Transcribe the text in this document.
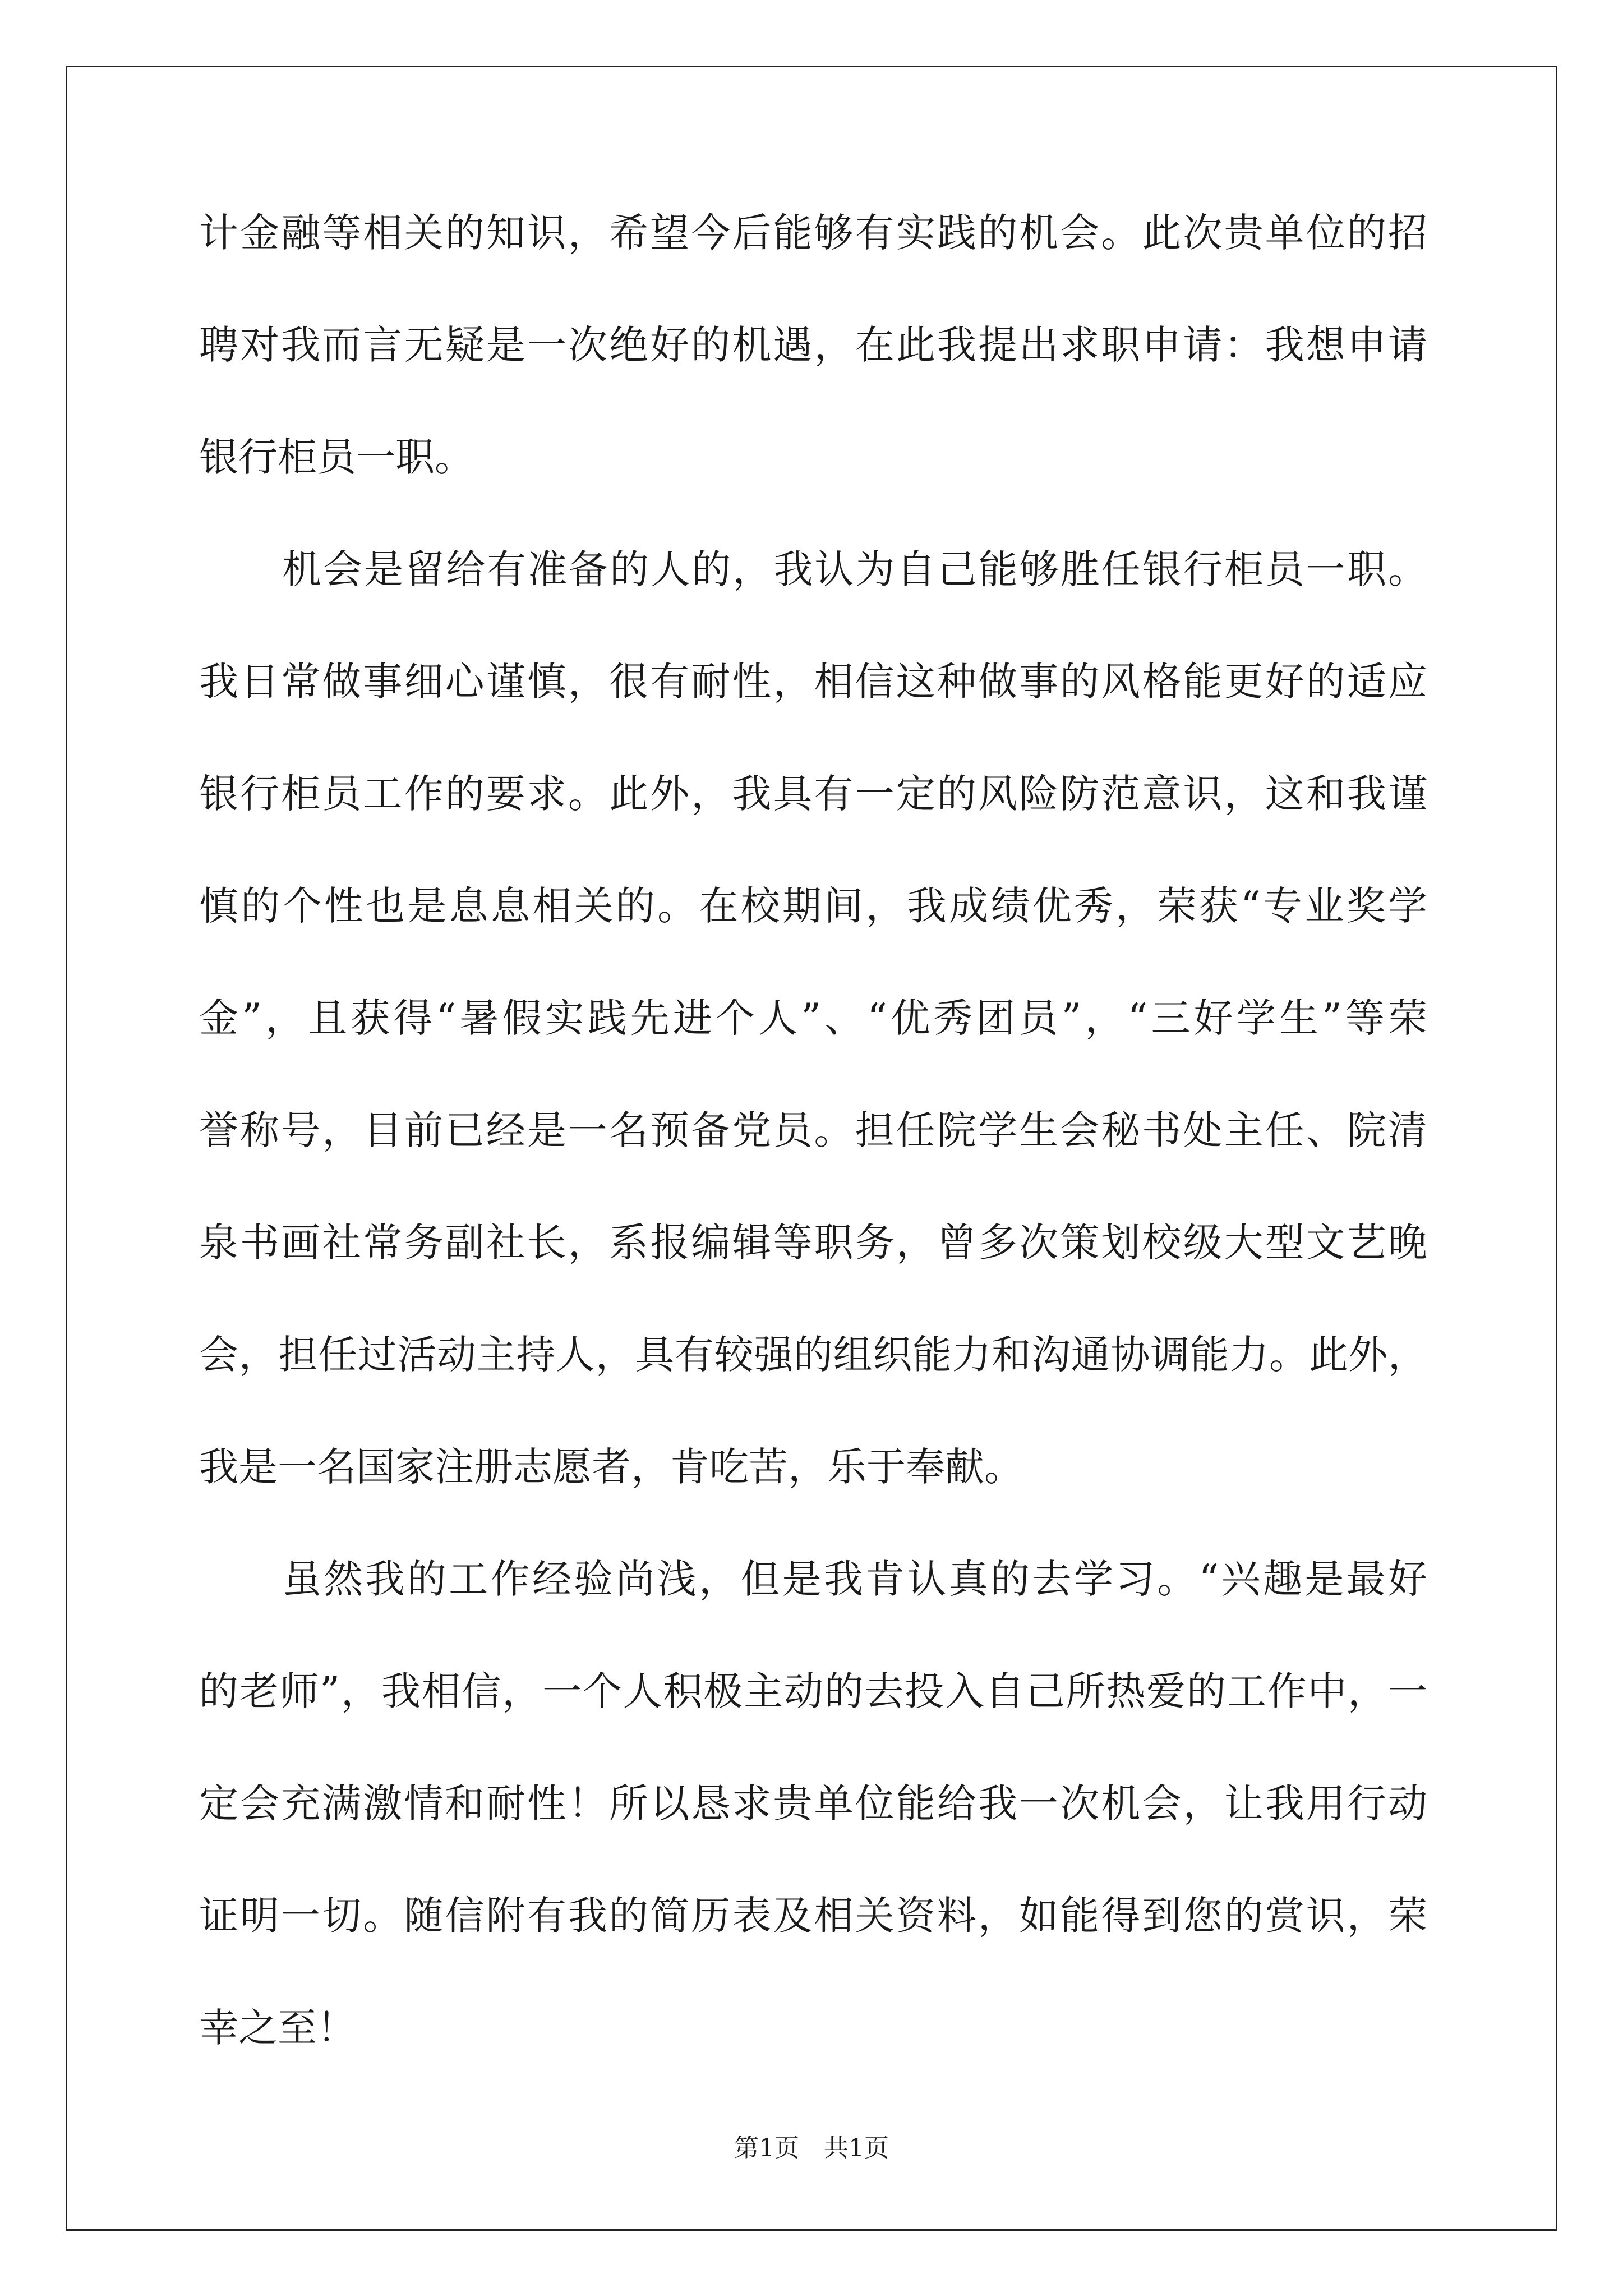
计金融等相关的知识，希望今后能够有实践的机会。此次贵单位的招
聘对我而言无疑是一次绝好的机遇，在此我提出求职申请：我想申请
银行柜员一职。
机会是留给有准备的人的，我认为自己能够胜任银行柜员一职。
我日常做事细心谨慎，很有耐性，相信这种做事的风格能更好的适应
银行柜员工作的要求。此外，我具有一定的风险防范意识，这和我谨
慎的个性也是息息相关的。在校期间，我成绩优秀，荣获“专业奖学
金”，且获得“暑假实践先进个人”、“优秀团员”，“三好学生”等荣
誉称号，目前已经是一名预备党员。担任院学生会秘书处主任、院清
泉书画社常务副社长，系报编辑等职务，曾多次策划校级大型文艺晚
会，担任过活动主持人，具有较强的组织能力和沟通协调能力。此外，
我是一名国家注册志愿者，肯吃苦，乐于奉献。
虽然我的工作经验尚浅，但是我肯认真的去学习。“兴趣是最好
的老师”，我相信，一个人积极主动的去投入自己所热爱的工作中，一
定会充满激情和耐性！所以恳求贵单位能给我一次机会，让我用行动
证明一切。随信附有我的简历表及相关资料，如能得到您的赏识，荣
幸之至！
第1页　共1页
